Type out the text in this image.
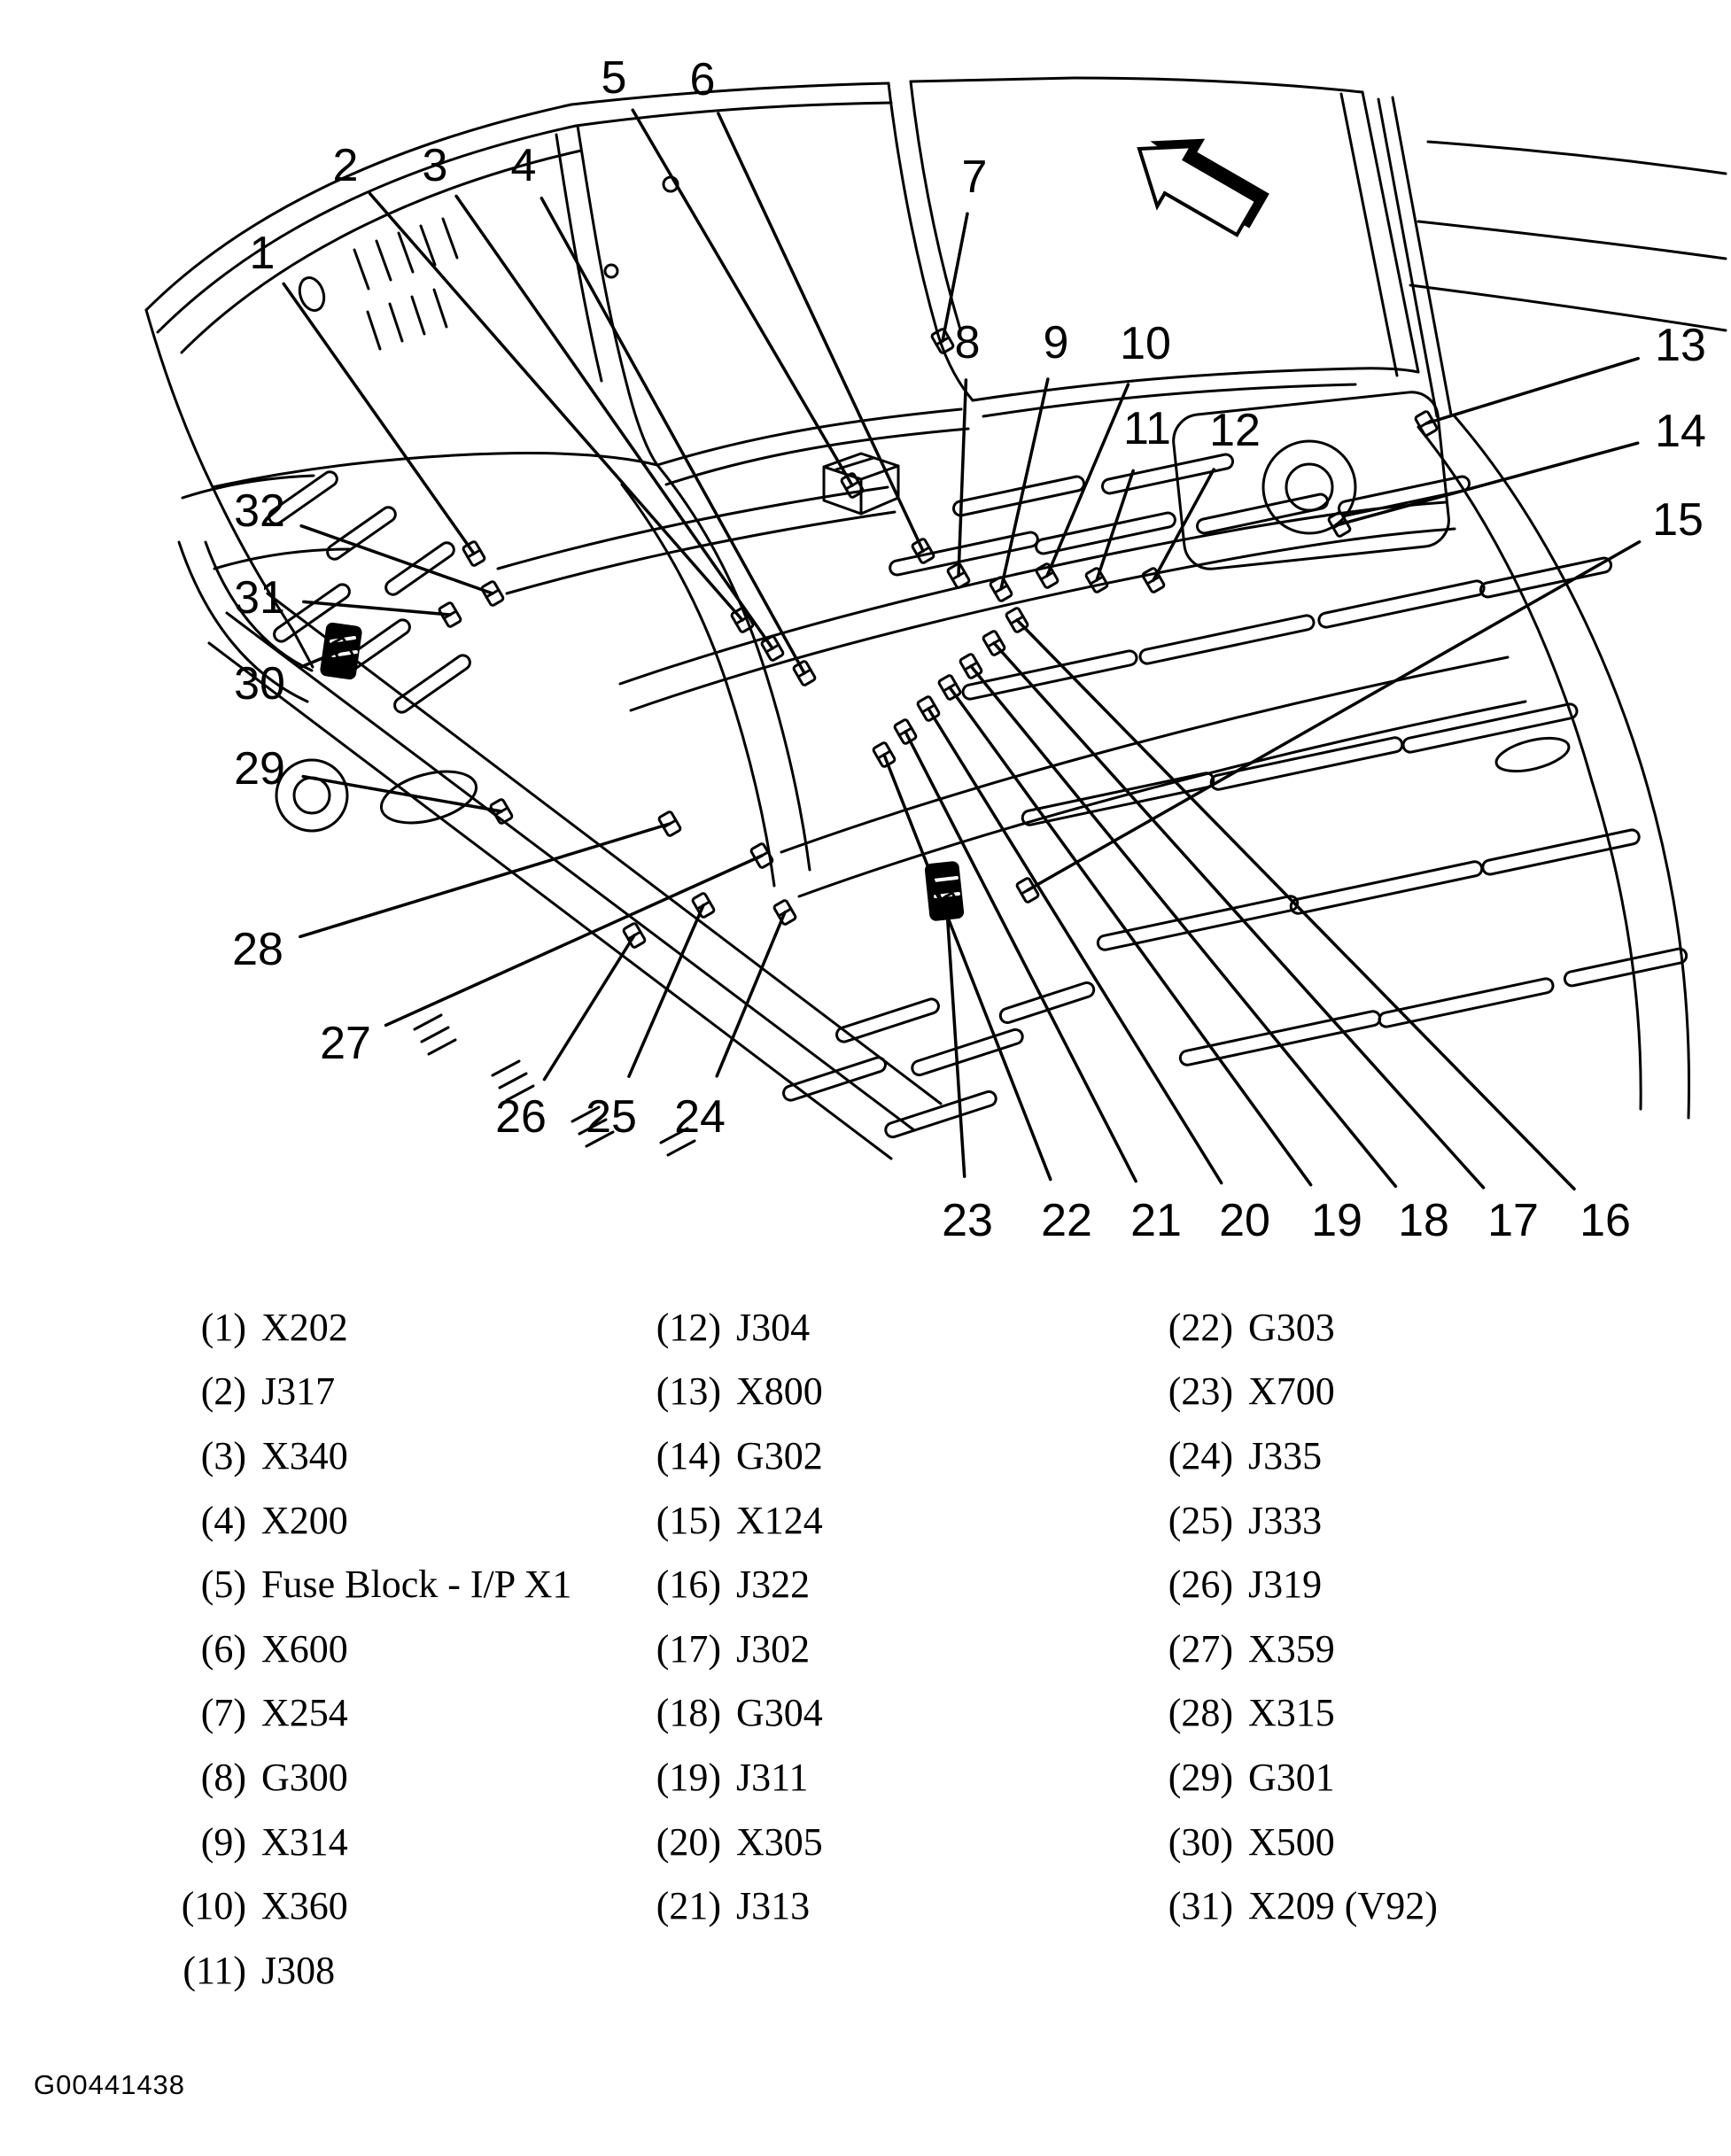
1
2 3 4
5 6
7
8 9 10
11 12
13
14
15
16
17
18
19
20
21
22
23
24
25
26
27
28
29
30
31
32
(1) X202
(2) J317
(3) X340
(4) X200
(5) Fuse Block - I/P X1
(6) X600
(7) X254
(8) G300
(9) X314
(10) X360
(11) J308
(12) J304
(13) X800
(14) G302
(15) X124
(16) J322
(17) J302
(18) G304
(19) J311
(20) X305
(21) J313
(22) G303
(23) X700
(24) J335
(25) J333
(26) J319
(27) X359
(28) X315
(29) G301
(30) X500
(31) X209 (V92)
G00441438
